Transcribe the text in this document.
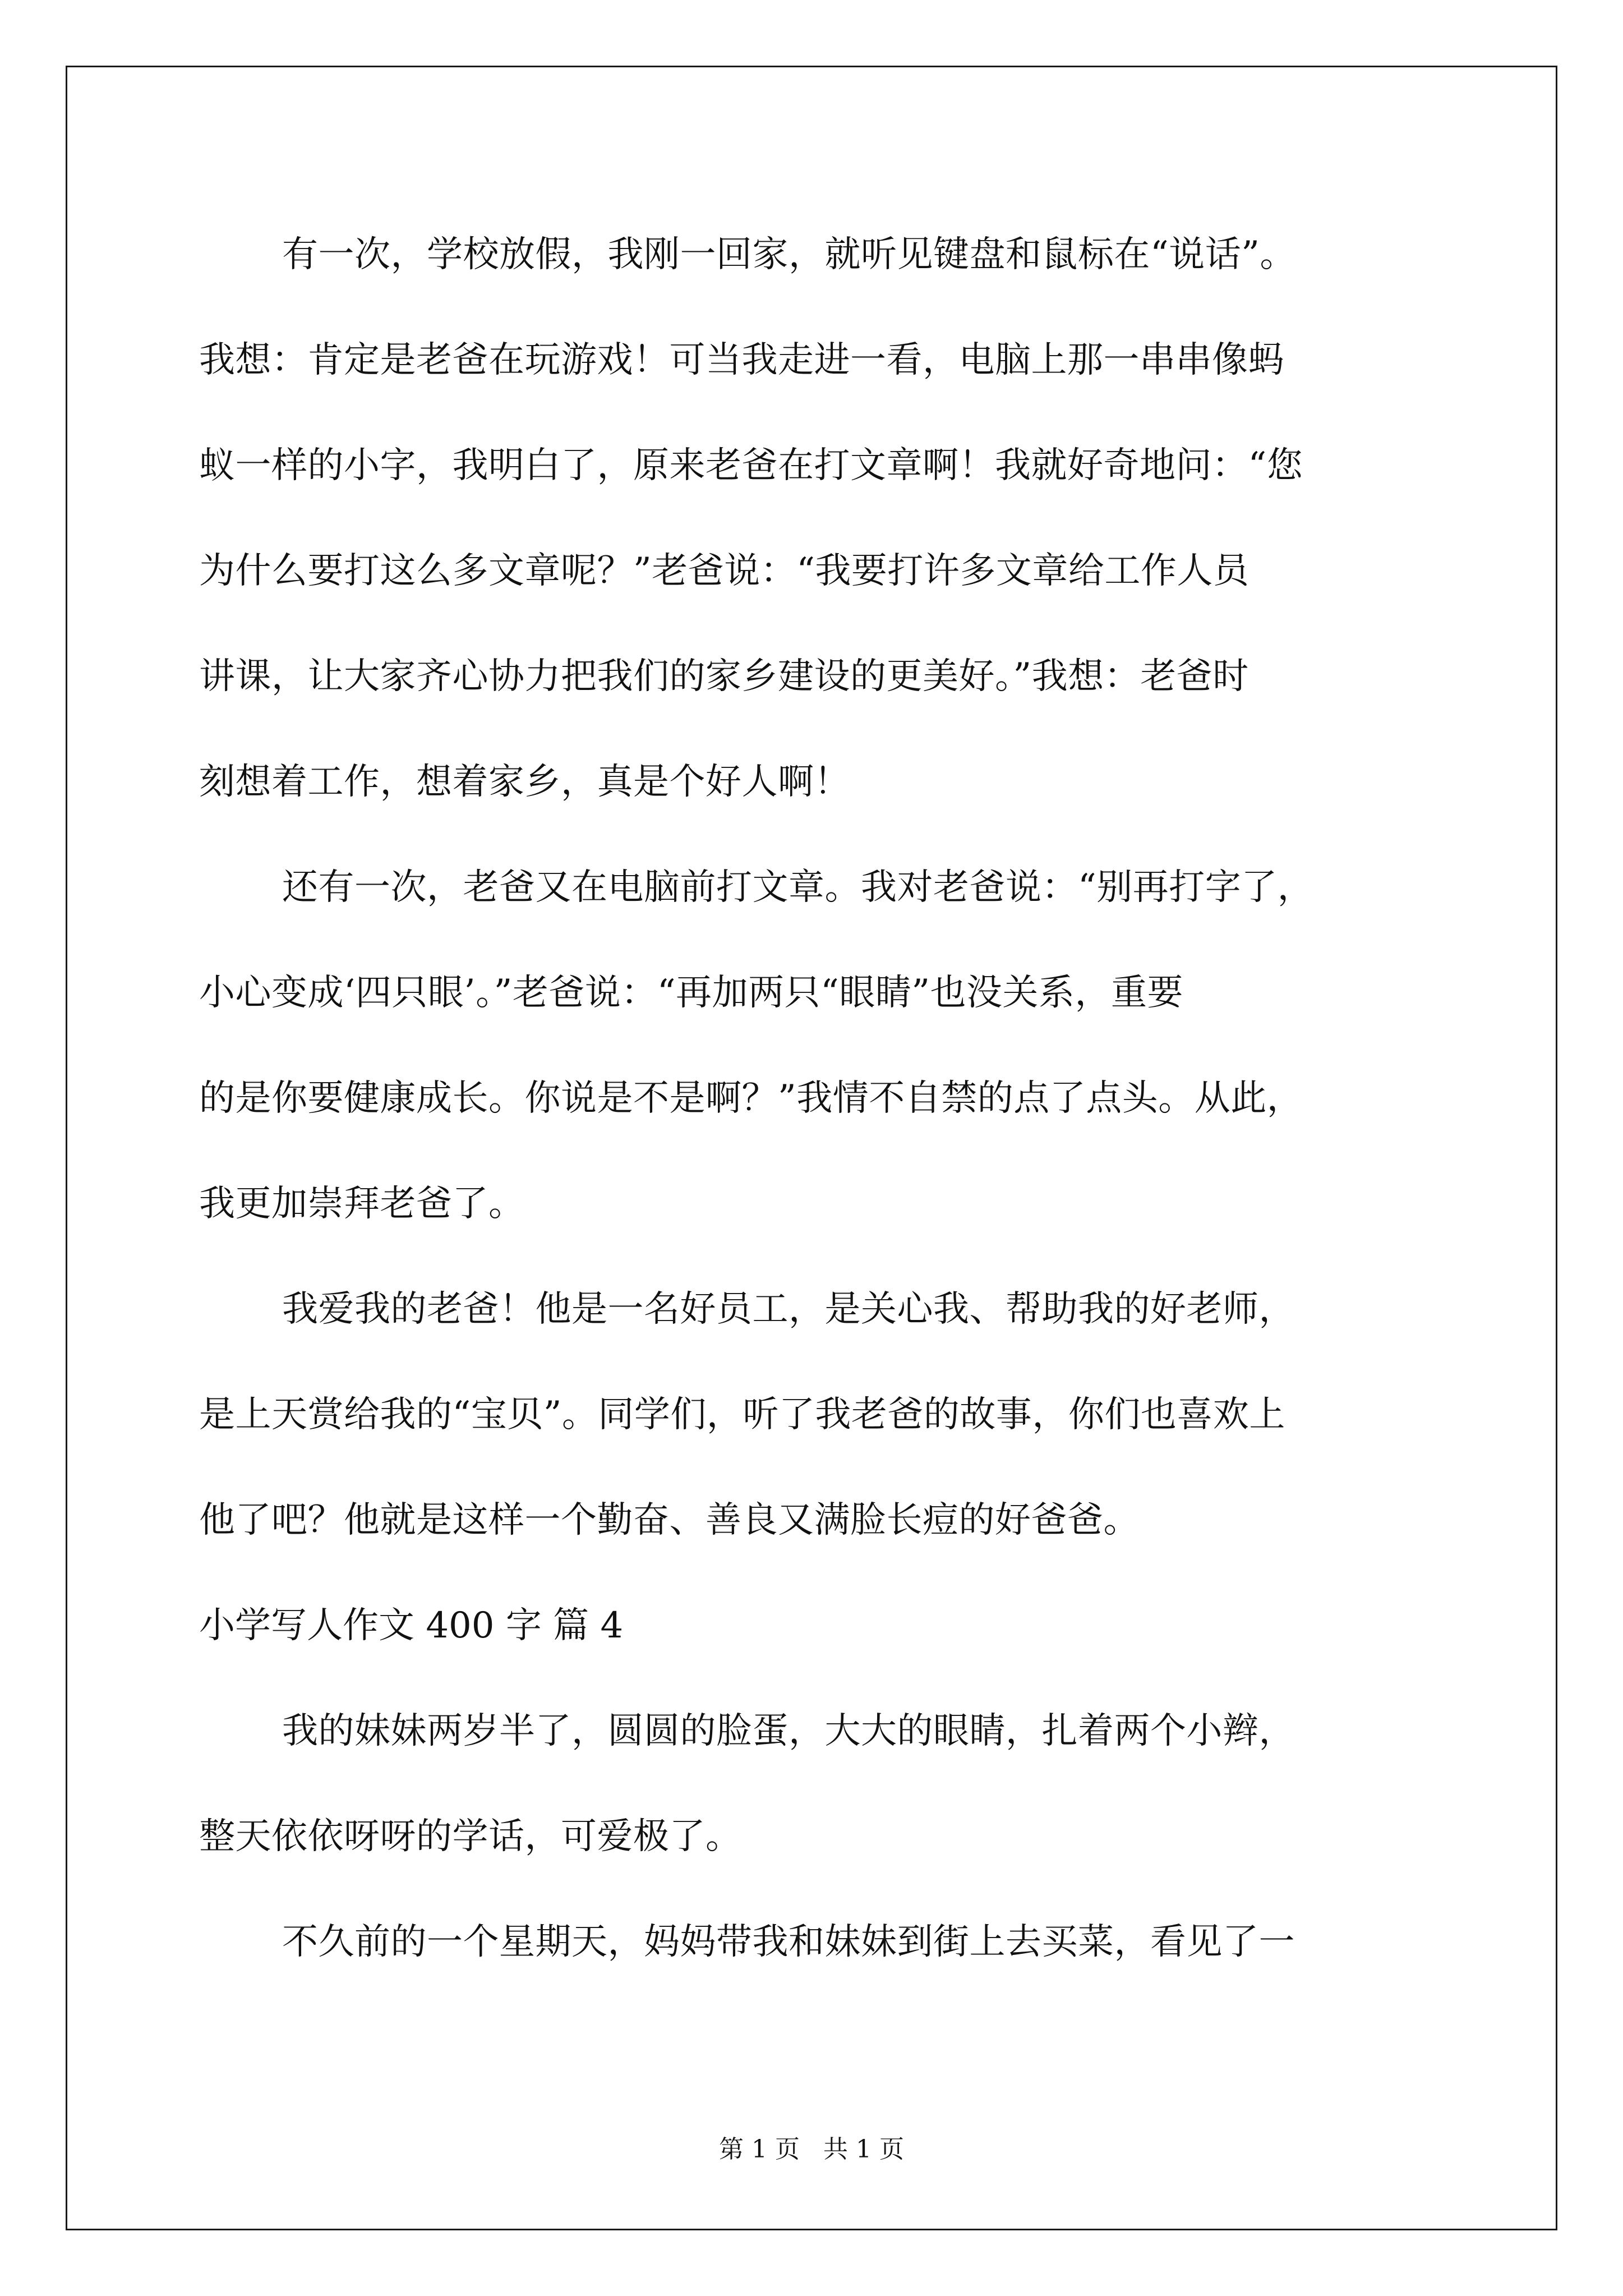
有一次，学校放假，我刚一回家，就听见键盘和鼠标在“说话”。
我想：肯定是老爸在玩游戏！可当我走进一看，电脑上那一串串像蚂
蚁一样的小字，我明白了，原来老爸在打文章啊！我就好奇地问：“您
为什么要打这么多文章呢？”老爸说：“我要打许多文章给工作人员
讲课，让大家齐心协力把我们的家乡建设的更美好。”我想：老爸时
刻想着工作，想着家乡，真是个好人啊！
还有一次，老爸又在电脑前打文章。我对老爸说：“别再打字了，
小心变成‘四只眼’。”老爸说：“再加两只“眼睛”也没关系，重要
的是你要健康成长。你说是不是啊？”我情不自禁的点了点头。从此，
我更加崇拜老爸了。
我爱我的老爸！他是一名好员工，是关心我、帮助我的好老师，
是上天赏给我的“宝贝”。同学们，听了我老爸的故事，你们也喜欢上
他了吧？他就是这样一个勤奋、善良又满脸长痘的好爸爸。
小学写人作文 400 字 篇 4
我的妹妹两岁半了，圆圆的脸蛋，大大的眼睛，扎着两个小辫，
整天依依呀呀的学话，可爱极了。
不久前的一个星期天，妈妈带我和妹妹到街上去买菜，看见了一
第 1 页   共 1 页
